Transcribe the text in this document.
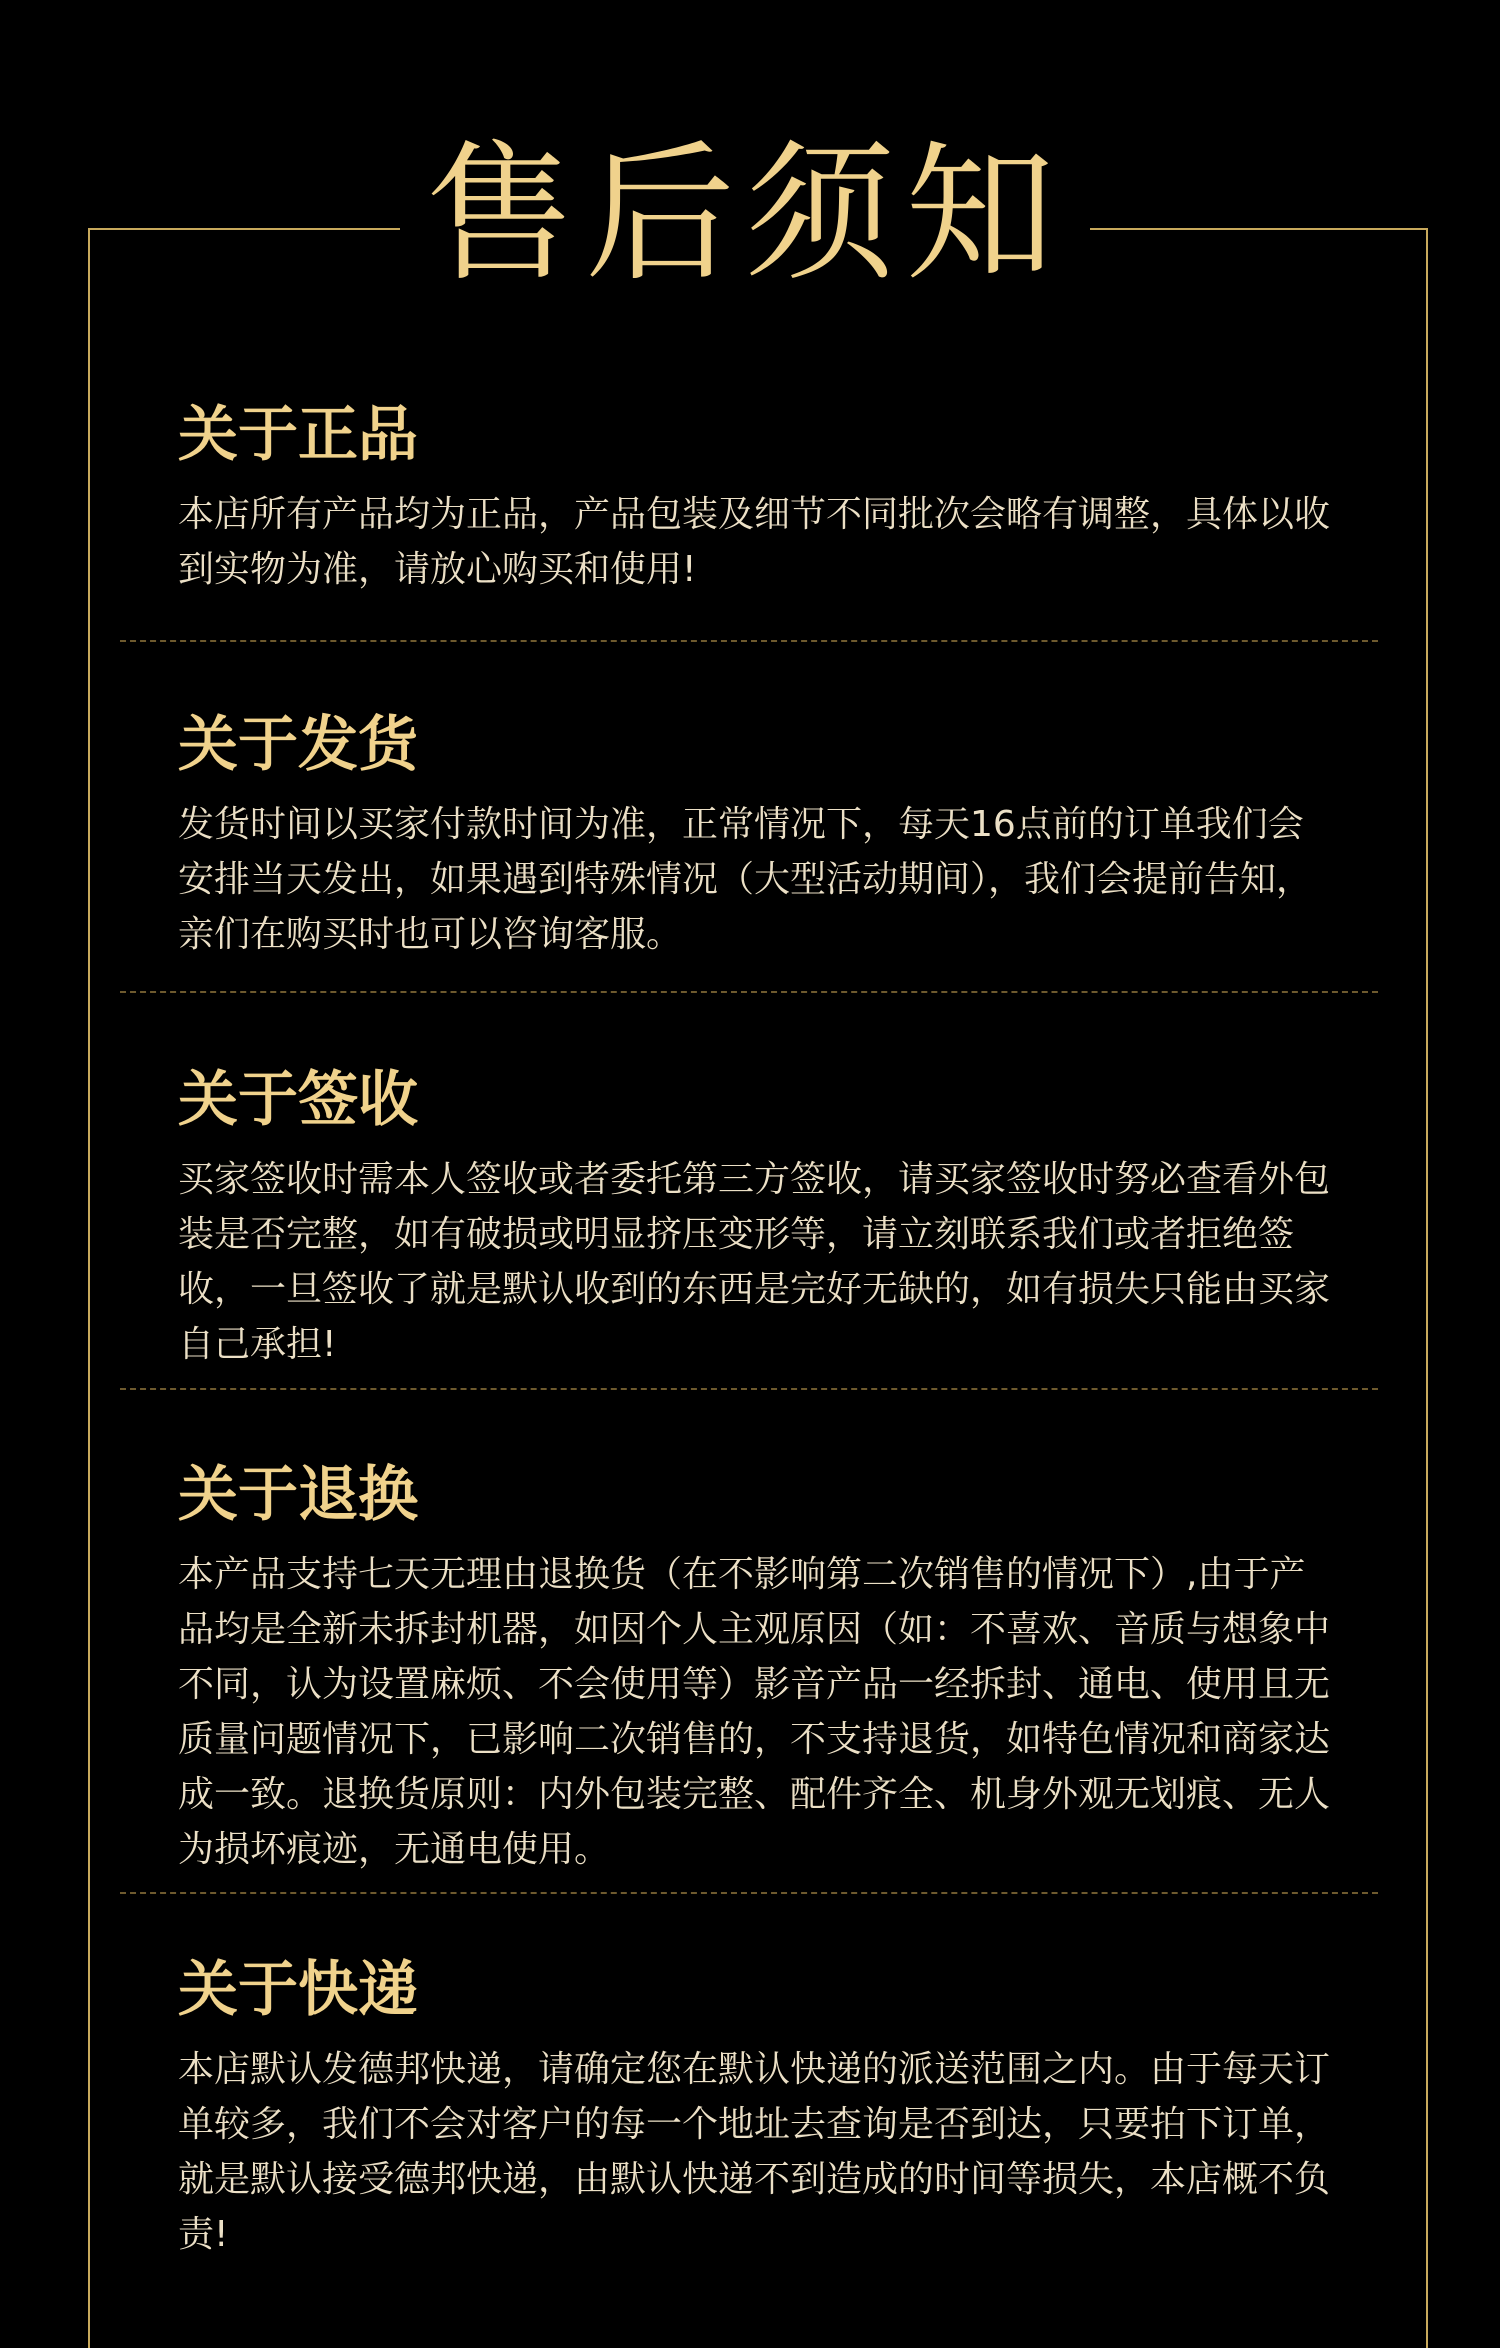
售后须知
关于正品

本店所有产品均为正品，产品包装及细节不同批次会略有调整，具体以收到实物为准，请放心购买和使用!

关于发货

发货时间以买家付款时间为准，正常情况下，每天16点前的订单我们会安排当天发出，如果遇到特殊情况（大型活动期间），我们会提前告知，亲们在购买时也可以咨询客服。

关于签收

买家签收时需本人签收或者委托第三方签收，请买家签收时努必查看外包装是否完整，如有破损或明显挤压变形等，请立刻联系我们或者拒绝签收，一旦签收了就是默认收到的东西是完好无缺的，如有损失只能由买家自己承担!

关于退换

本产品支持七天无理由退换货（在不影响第二次销售的情况下）,由于产品均是全新未拆封机器，如因个人主观原因（如：不喜欢、音质与想象中不同，认为设置麻烦、不会使用等）影音产品一经拆封、通电、使用且无质量问题情况下，已影响二次销售的，不支持退货，如特色情况和商家达成一致。退换货原则：内外包装完整、配件齐全、机身外观无划痕、无人为损坏痕迹，无通电使用。

关于快递

本店默认发德邦快递，请确定您在默认快递的派送范围之内。由于每天订单较多，我们不会对客户的每一个地址去查询是否到达，只要拍下订单，就是默认接受德邦快递，由默认快递不到造成的时间等损失，本店概不负责!
